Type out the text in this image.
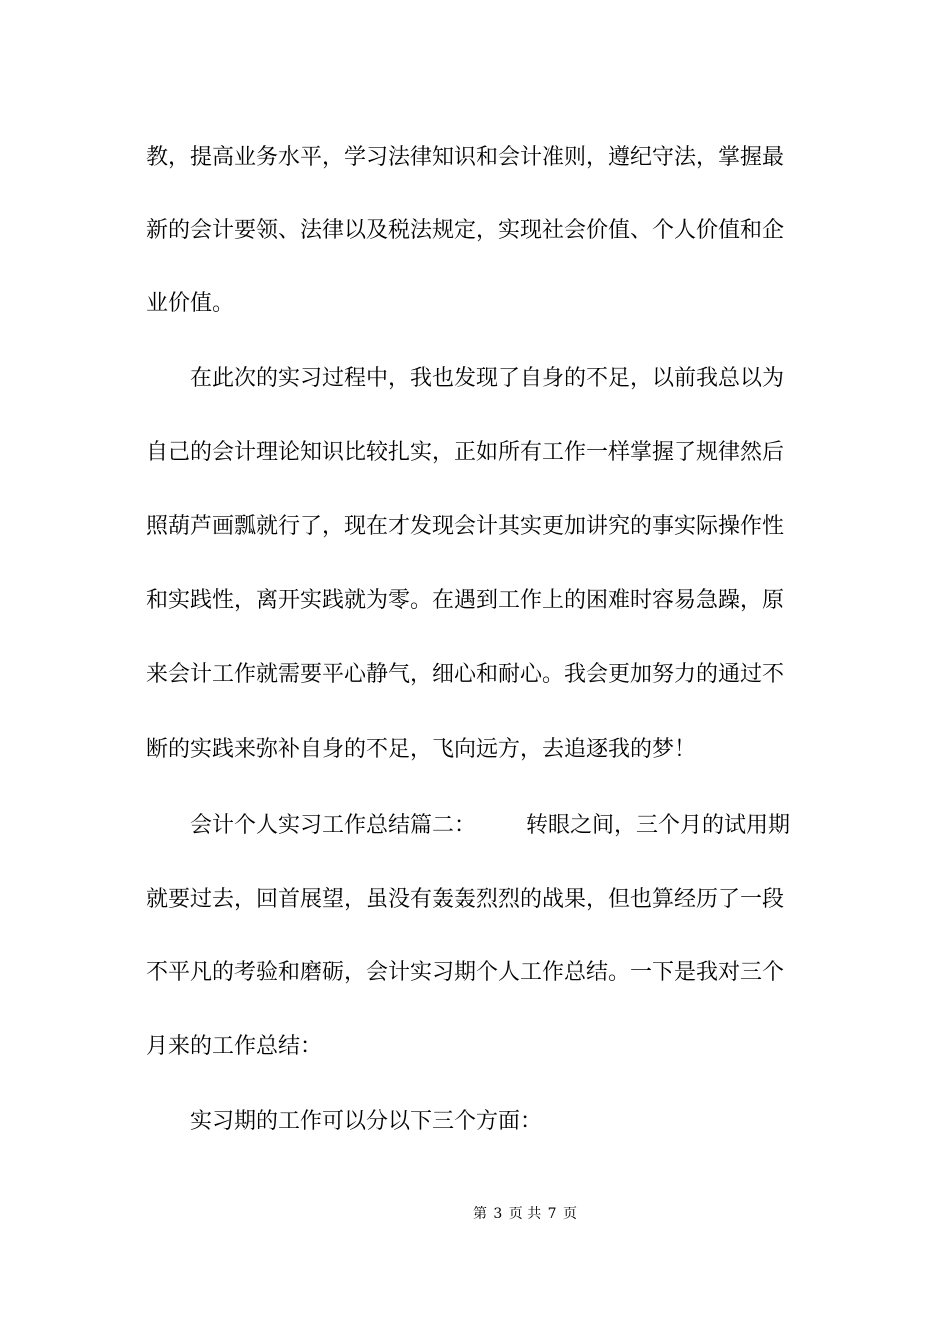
教，提高业务水平，学习法律知识和会计准则，遵纪守法，掌握最

新的会计要领、法律以及税法规定，实现社会价值、个人价值和企

业价值。

在此次的实习过程中，我也发现了自身的不足，以前我总以为

自己的会计理论知识比较扎实，正如所有工作一样掌握了规律然后

照葫芦画瓢就行了，现在才发现会计其实更加讲究的事实际操作性

和实践性，离开实践就为零。在遇到工作上的困难时容易急躁，原

来会计工作就需要平心静气，细心和耐心。我会更加努力的通过不

断的实践来弥补自身的不足，飞向远方，去追逐我的梦！

会计个人实习工作总结篇二： 转眼之间，三个月的试用期

就要过去，回首展望，虽没有轰轰烈烈的战果，但也算经历了一段

不平凡的考验和磨砺，会计实习期个人工作总结。一下是我对三个

月来的工作总结：

实习期的工作可以分以下三个方面：

第 3 页 共 7 页
